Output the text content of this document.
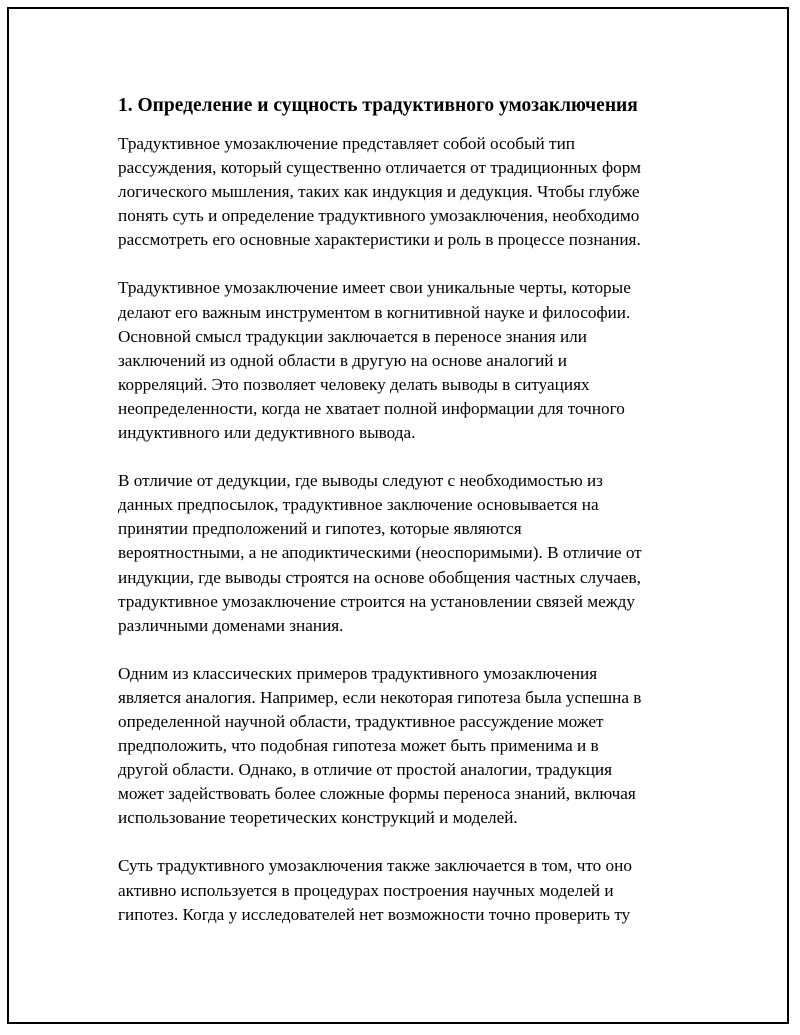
1. Определение и сущность традуктивного умозаключения

Традуктивное умозаключение представляет собой особый тип

рассуждения, который существенно отличается от традиционных форм

логического мышления, таких как индукция и дедукция. Чтобы глубже

понять суть и определение традуктивного умозаключения, необходимо

рассмотреть его основные характеристики и роль в процессе познания.

Традуктивное умозаключение имеет свои уникальные черты, которые

делают его важным инструментом в когнитивной науке и философии.

Основной смысл традукции заключается в переносе знания или

заключений из одной области в другую на основе аналогий и

корреляций. Это позволяет человеку делать выводы в ситуациях

неопределенности, когда не хватает полной информации для точного

индуктивного или дедуктивного вывода.

В отличие от дедукции, где выводы следуют с необходимостью из

данных предпосылок, традуктивное заключение основывается на

принятии предположений и гипотез, которые являются

вероятностными, а не аподиктическими (неоспоримыми). В отличие от

индукции, где выводы строятся на основе обобщения частных случаев,

традуктивное умозаключение строится на установлении связей между

различными доменами знания.

Одним из классических примеров традуктивного умозаключения

является аналогия. Например, если некоторая гипотеза была успешна в

определенной научной области, традуктивное рассуждение может

предположить, что подобная гипотеза может быть применима и в

другой области. Однако, в отличие от простой аналогии, традукция

может задействовать более сложные формы переноса знаний, включая

использование теоретических конструкций и моделей.

Суть традуктивного умозаключения также заключается в том, что оно

активно используется в процедурах построения научных моделей и

гипотез. Когда у исследователей нет возможности точно проверить ту
